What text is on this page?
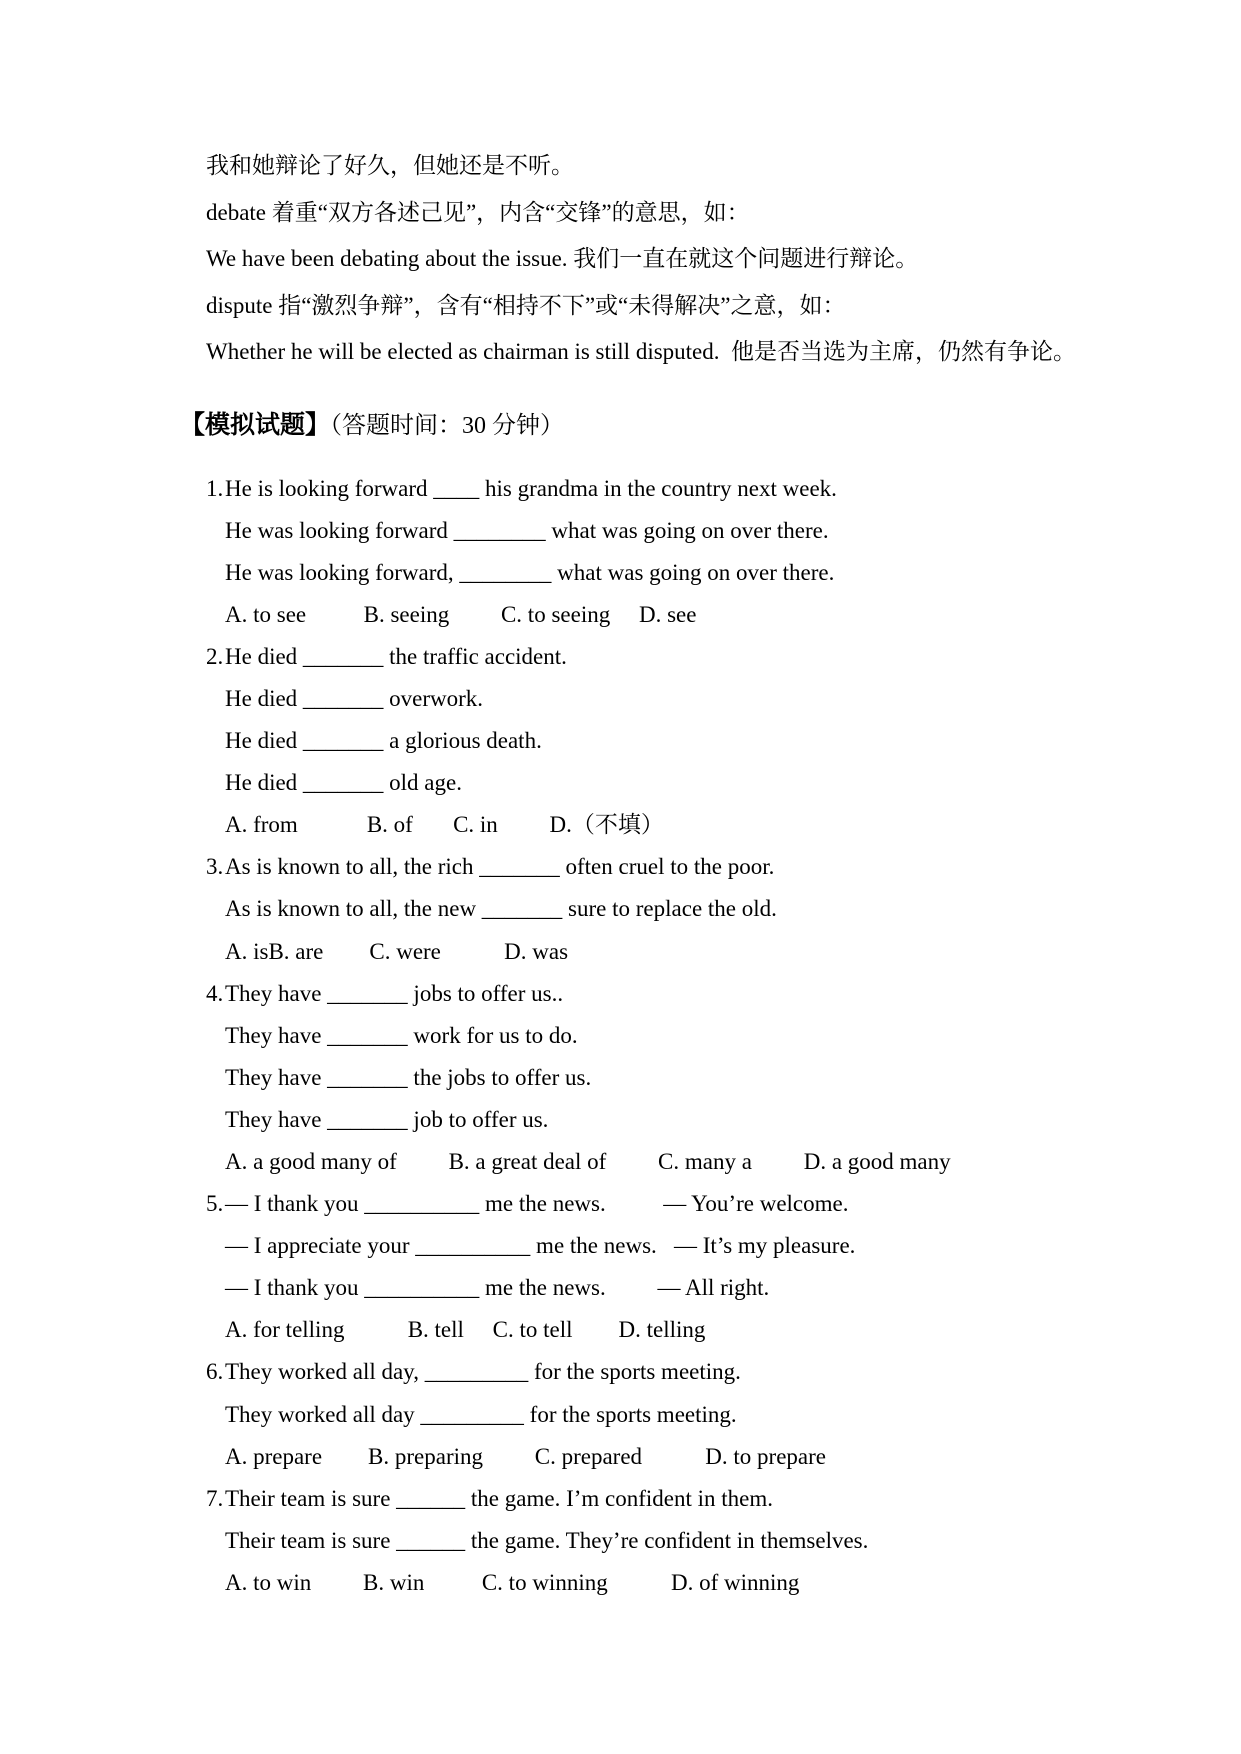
我和她辩论了好久，但她还是不听。

debate 着重“双方各述己见”，内含“交锋”的意思，如：

We have been debating about the issue. 我们一直在就这个问题进行辩论。

dispute 指“激烈争辩”，含有“相持不下”或“未得解决”之意，如：

Whether he will be elected as chairman is still disputed.  他是否当选为主席，仍然有争论。

【模拟试题】（答题时间：30 分钟）
1.He is looking forward ____ his grandma in the country next week.
He was looking forward ________ what was going on over there.
He was looking forward, ________ what was going on over there.
A. to see          B. seeing         C. to seeing     D. see
2.He died _______ the traffic accident.
He died _______ overwork.
He died _______ a glorious death.
He died _______ old age.
A. from            B. of       C. in         D.（不填）
3.As is known to all, the rich _______ often cruel to the poor.
As is known to all, the new _______ sure to replace the old.
A. isB. are        C. were           D. was
4.They have _______ jobs to offer us..
They have _______ work for us to do.
They have _______ the jobs to offer us.
They have _______ job to offer us.
A. a good many of         B. a great deal of         C. many a         D. a good many
5.— I thank you __________ me the news.          — You’re welcome.
— I appreciate your __________ me the news.   — It’s my pleasure.
— I thank you __________ me the news.         — All right.
A. for telling           B. tell     C. to tell        D. telling
6.They worked all day, _________ for the sports meeting.
They worked all day _________ for the sports meeting.
A. prepare        B. preparing         C. prepared           D. to prepare
7.Their team is sure ______ the game. I’m confident in them.
Their team is sure ______ the game. They’re confident in themselves.
A. to win         B. win          C. to winning           D. of winning
